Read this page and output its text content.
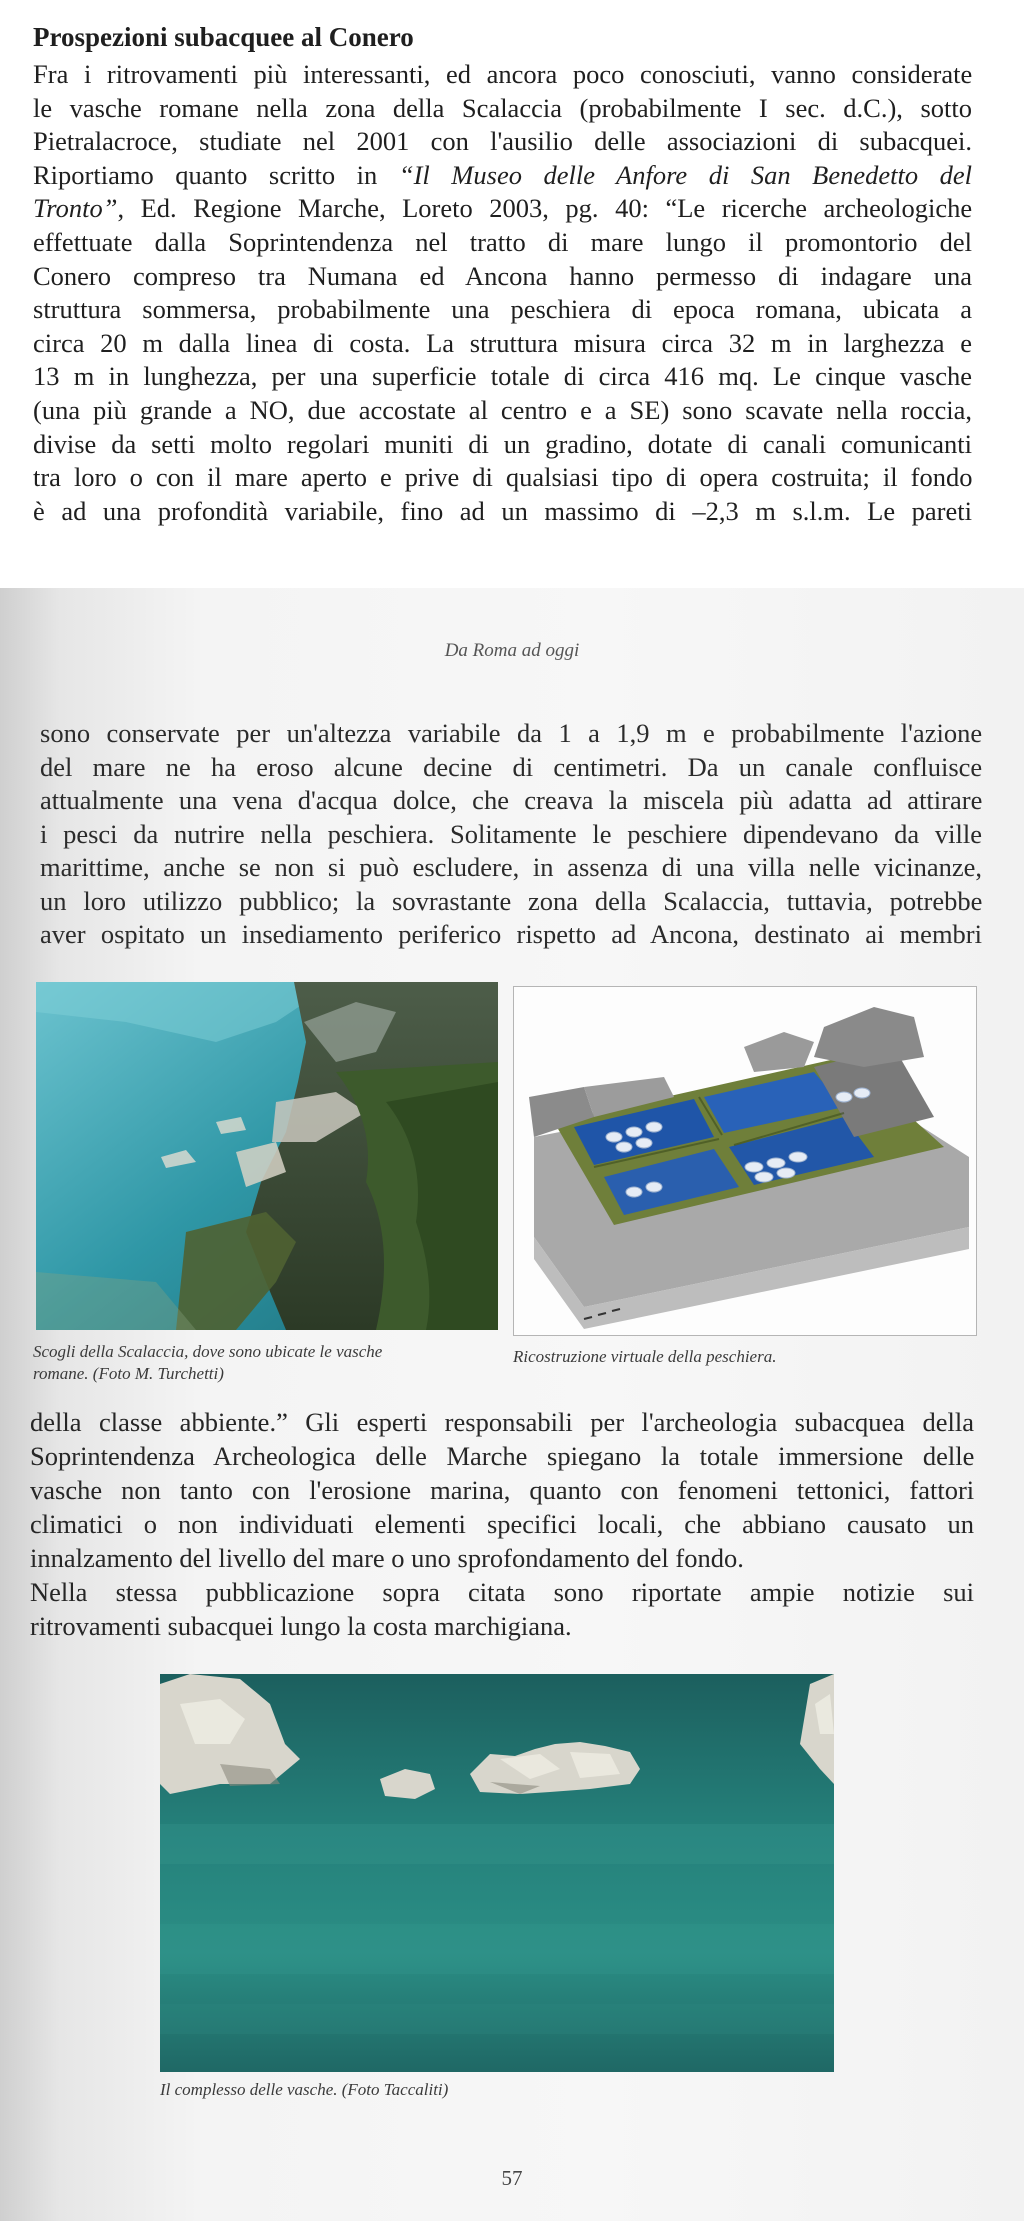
Prospezioni subacquee al Conero

Fra i ritrovamenti più interessanti, ed ancora poco conosciuti, vanno considerate
le vasche romane nella zona della Scalaccia (probabilmente I sec. d.C.), sotto
Pietralacroce, studiate nel 2001 con l'ausilio delle associazioni di subacquei.
Riportiamo quanto scritto in “Il Museo delle Anfore di San Benedetto del
Tronto”, Ed. Regione Marche, Loreto 2003, pg. 40: “Le ricerche archeologiche
effettuate dalla Soprintendenza nel tratto di mare lungo il promontorio del
Conero compreso tra Numana ed Ancona hanno permesso di indagare una
struttura sommersa, probabilmente una peschiera di epoca romana, ubicata a
circa 20 m dalla linea di costa. La struttura misura circa 32 m in larghezza e
13 m in lunghezza, per una superficie totale di circa 416 mq. Le cinque vasche
(una più grande a NO, due accostate al centro e a SE) sono scavate nella roccia,
divise da setti molto regolari muniti di un gradino, dotate di canali comunicanti
tra loro o con il mare aperto e prive di qualsiasi tipo di opera costruita; il fondo
è ad una profondità variabile, fino ad un massimo di –2,3 m s.l.m. Le pareti

Da Roma ad oggi

sono conservate per un'altezza variabile da 1 a 1,9 m e probabilmente l'azione
del mare ne ha eroso alcune decine di centimetri. Da un canale confluisce
attualmente una vena d'acqua dolce, che creava la miscela più adatta ad attirare
i pesci da nutrire nella peschiera. Solitamente le peschiere dipendevano da ville
marittime, anche se non si può escludere, in assenza di una villa nelle vicinanze,
un loro utilizzo pubblico; la sovrastante zona della Scalaccia, tuttavia, potrebbe
aver ospitato un insediamento periferico rispetto ad Ancona, destinato ai membri

Scogli della Scalaccia, dove sono ubicate le vasche
romane. (Foto M. Turchetti)

Ricostruzione virtuale della peschiera.

della classe abbiente.” Gli esperti responsabili per l'archeologia subacquea della
Soprintendenza Archeologica delle Marche spiegano la totale immersione delle
vasche non tanto con l'erosione marina, quanto con fenomeni tettonici, fattori
climatici o non individuati elementi specifici locali, che abbiano causato un
innalzamento del livello del mare o uno sprofondamento del fondo.
Nella stessa pubblicazione sopra citata sono riportate ampie notizie sui
ritrovamenti subacquei lungo la costa marchigiana.

Il complesso delle vasche. (Foto Taccaliti)

57
